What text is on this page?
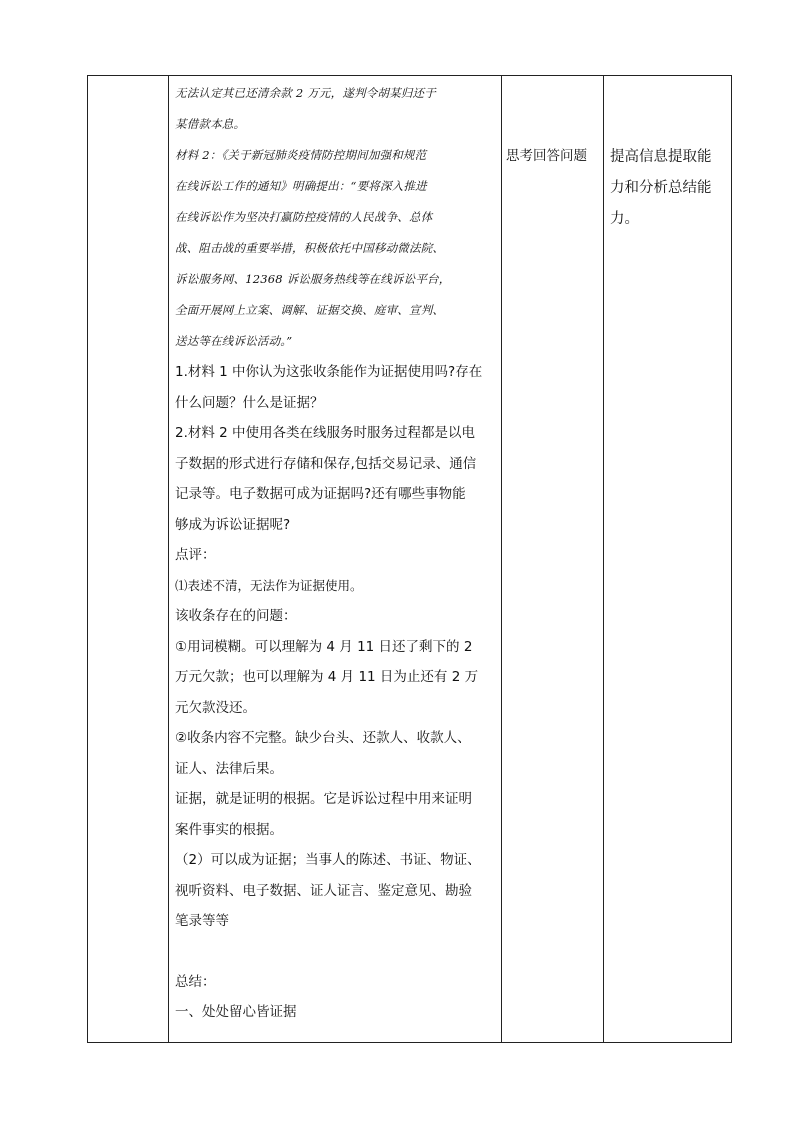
无法认定其已还清余款 2 万元，遂判令胡某归还于
某借款本息。
材料 2：《关于新冠肺炎疫情防控期间加强和规范
在线诉讼工作的通知》明确提出：“要将深入推进
在线诉讼作为坚决打赢防控疫情的人民战争、总体
战、阻击战的重要举措，积极依托中国移动微法院、
诉讼服务网、12368 诉讼服务热线等在线诉讼平台，
全面开展网上立案、调解、证据交换、庭审、宣判、
送达等在线诉讼活动。”
1.材料 1 中你认为这张收条能作为证据使用吗?存在
什么问题？什么是证据？
2.材料 2 中使用各类在线服务时服务过程都是以电
子数据的形式进行存储和保存,包括交易记录、通信
记录等。电子数据可成为证据吗?还有哪些事物能
够成为诉讼证据呢?
点评：
⑴表述不清，无法作为证据使用。
该收条存在的问题：
①用词模糊。可以理解为 4 月 11 日还了剩下的 2
万元欠款；也可以理解为 4 月 11 日为止还有 2 万
元欠款没还。
②收条内容不完整。缺少台头、还款人、收款人、
证人、法律后果。
证据，就是证明的根据。它是诉讼过程中用来证明
案件事实的根据。
（2）可以成为证据；当事人的陈述、书证、物证、
视听资料、电子数据、证人证言、鉴定意见、勘验
笔录等等
总结：
一、处处留心皆证据
	思考回答问题	提高信息提取能
力和分析总结能
力。
